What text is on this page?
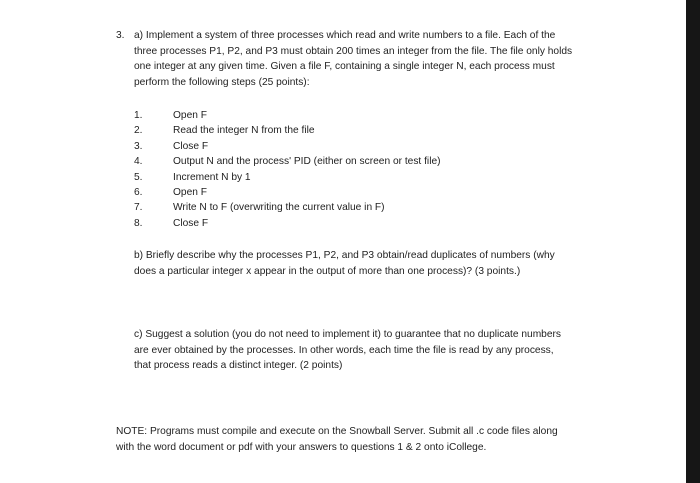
3. a) Implement a system of three processes which read and write numbers to a file. Each of the
three processes P1, P2, and P3 must obtain 200 times an integer from the file. The file only holds
one integer at any given time. Given a file F, containing a single integer N, each process must
perform the following steps (25 points):
1.	Open F
2.	Read the integer N from the file
3.	Close F
4.	Output N and the process' PID (either on screen or test file)
5.	Increment N by 1
6.	Open F
7.	Write N to F (overwriting the current value in F)
8.	Close F
b) Briefly describe why the processes P1, P2, and P3 obtain/read duplicates of numbers (why
does a particular integer x appear in the output of more than one process)? (3 points.)
c) Suggest a solution (you do not need to implement it) to guarantee that no duplicate numbers
are ever obtained by the processes. In other words, each time the file is read by any process,
that process reads a distinct integer. (2 points)
NOTE: Programs must compile and execute on the Snowball Server. Submit all .c code files along
with the word document or pdf with your answers to questions 1 & 2 onto iCollege.
